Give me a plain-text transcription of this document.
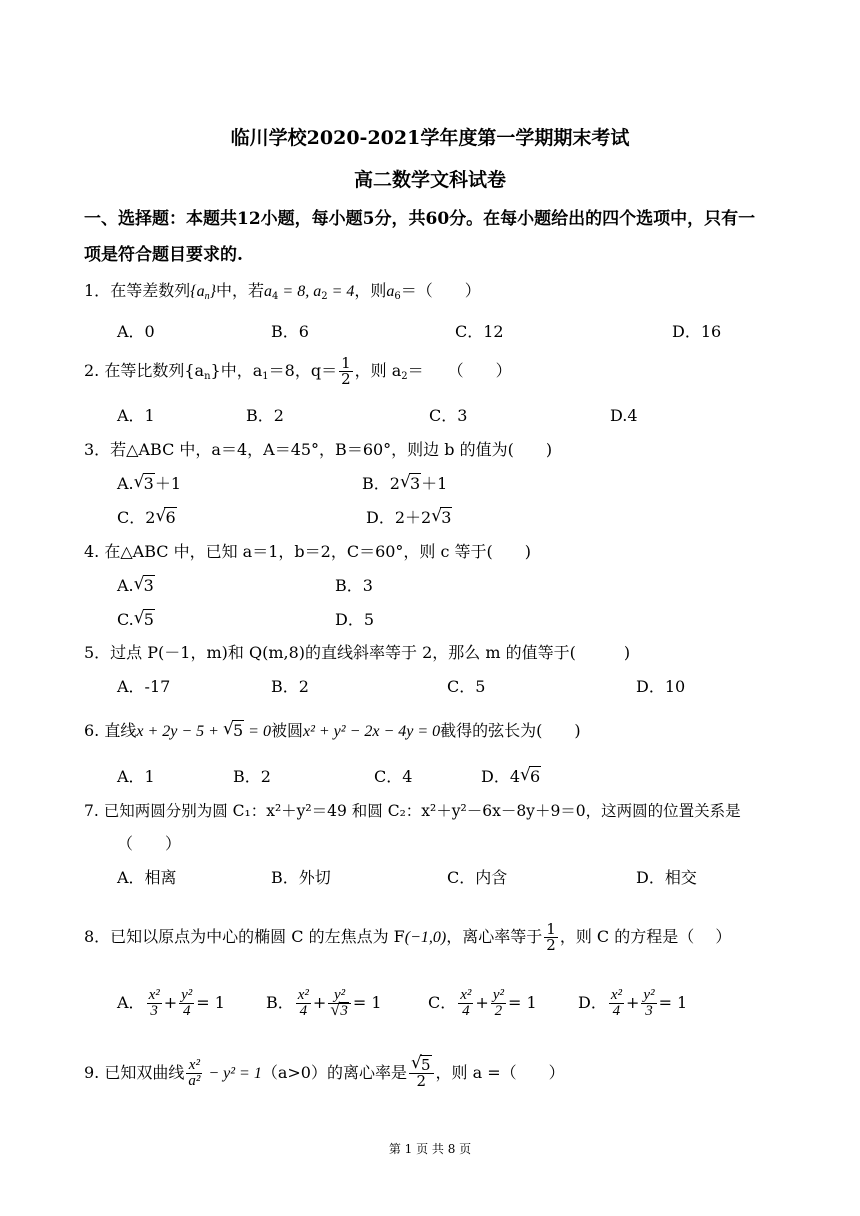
临川学校2020-2021学年度第一学期期末考试
高二数学文科试卷
一、选择题：本题共12小题，每小题5分，共60分。在每小题给出的四个选项中，只有一
项是符合题目要求的.
1．在等差数列$\{a_n\}$中，若$a_4 = 8$, $a_2 = 4$，则$a_6=$（　　）
A．0	B．6	C．12	D．16
2. 在等比数列$\{a_n\}$中，$a_1=8$，$q= \frac{1}{2}$ ，则 $a_2=$　　（　　）
A．1	B．2	C．3	D.4
3．若△ABC 中，a＝4，A＝45°，B＝60°，则边 b 的值为(　　)
A. √ 3＋1	B．2 √ 3＋1
C．2 √ 6	D．2＋2 √ 3
4. 在△ABC 中，已知 a＝1，b＝2，C＝60°，则 c 等于(　　)
A. √ 3	B．3
C. √ 5	D．5
5．过点 P(－1，m)和 Q(m,8)的直线斜率等于 2，那么 m 的值等于(　　　)
A．-17	B．2	C．5	D．10
6. 直线x + 2y − 5 + √ 5 = 0被圆x² + y² − 2x − 4y = 0截得的弦长为(　　)
A．1	B．2	C．4	D．4 √ 6
7. 已知两圆分别为圆 C₁：x²＋y²＝49 和圆 C₂：x²＋y²－6x－8y＋9＝0，这两圆的位置关系是
（　　）
A．相离	B．外切	C．内含	D．相交
8．已知以原点为中心的椭圆 C 的左焦点为 F(−1,0)，离心率等于 $\frac{1}{2}$ ，则 C 的方程是（　 ）
A． $\frac{\text{x²}}{3} + \frac{\text{y²}}{4} = 1$	B． $\frac{\text{x²}}{4} + \frac{\text{y²}}{√ 3} = 1$	C． $\frac{\text{x²}}{4} + \frac{\text{y²}}{2} = 1$	D． $\frac{\text{x²}}{4} + \frac{\text{y²}}{3} = 1$
9. 已知双曲线 $\frac{\text{x²}}{\text{a²}} - y^2 = 1(a>0)$的离心率是 $\frac{√ 5}{2}$ ，则 a =（　　）
第 1 页 共 8 页
